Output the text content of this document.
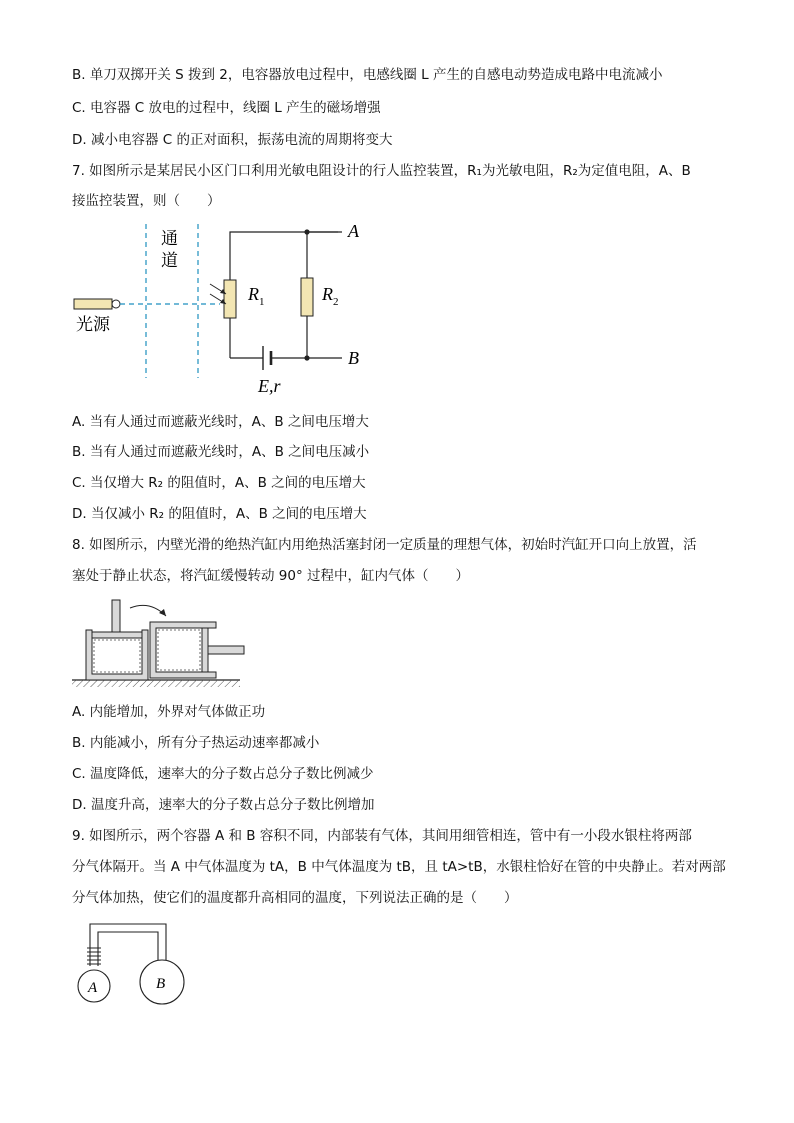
B. 单刀双掷开关 S 拨到 2，电容器放电过程中，电感线圈 L 产生的自感电动势造成电路中电流减小
C. 电容器 C 放电的过程中，线圈 L 产生的磁场增强
D. 减小电容器 C 的正对面积，振荡电流的周期将变大
7. 如图所示是某居民小区门口利用光敏电阻设计的行人监控装置，R₁为光敏电阻，R₂为定值电阻，A、B
接监控装置，则（　　）
光源
通
道
$R_1$	$R_2$
E,r
A
B
A. 当有人通过而遮蔽光线时，A、B 之间电压增大
B. 当有人通过而遮蔽光线时，A、B 之间电压减小
C. 当仅增大 R₂ 的阻值时，A、B 之间的电压增大
D. 当仅减小 R₂ 的阻值时，A、B 之间的电压增大
8. 如图所示，内壁光滑的绝热汽缸内用绝热活塞封闭一定质量的理想气体，初始时汽缸开口向上放置，活
塞处于静止状态，将汽缸缓慢转动 90° 过程中，缸内气体（　　）
A. 内能增加，外界对气体做正功
B. 内能减小，所有分子热运动速率都减小
C. 温度降低，速率大的分子数占总分子数比例减少
D. 温度升高，速率大的分子数占总分子数比例增加
9. 如图所示，两个容器 A 和 B 容积不同，内部装有气体，其间用细管相连，管中有一小段水银柱将两部
分气体隔开。当 A 中气体温度为 tA，B 中气体温度为 tB，且 tA>tB，水银柱恰好在管的中央静止。若对两部
分气体加热，使它们的温度都升高相同的温度，下列说法正确的是（　　）
A	B
